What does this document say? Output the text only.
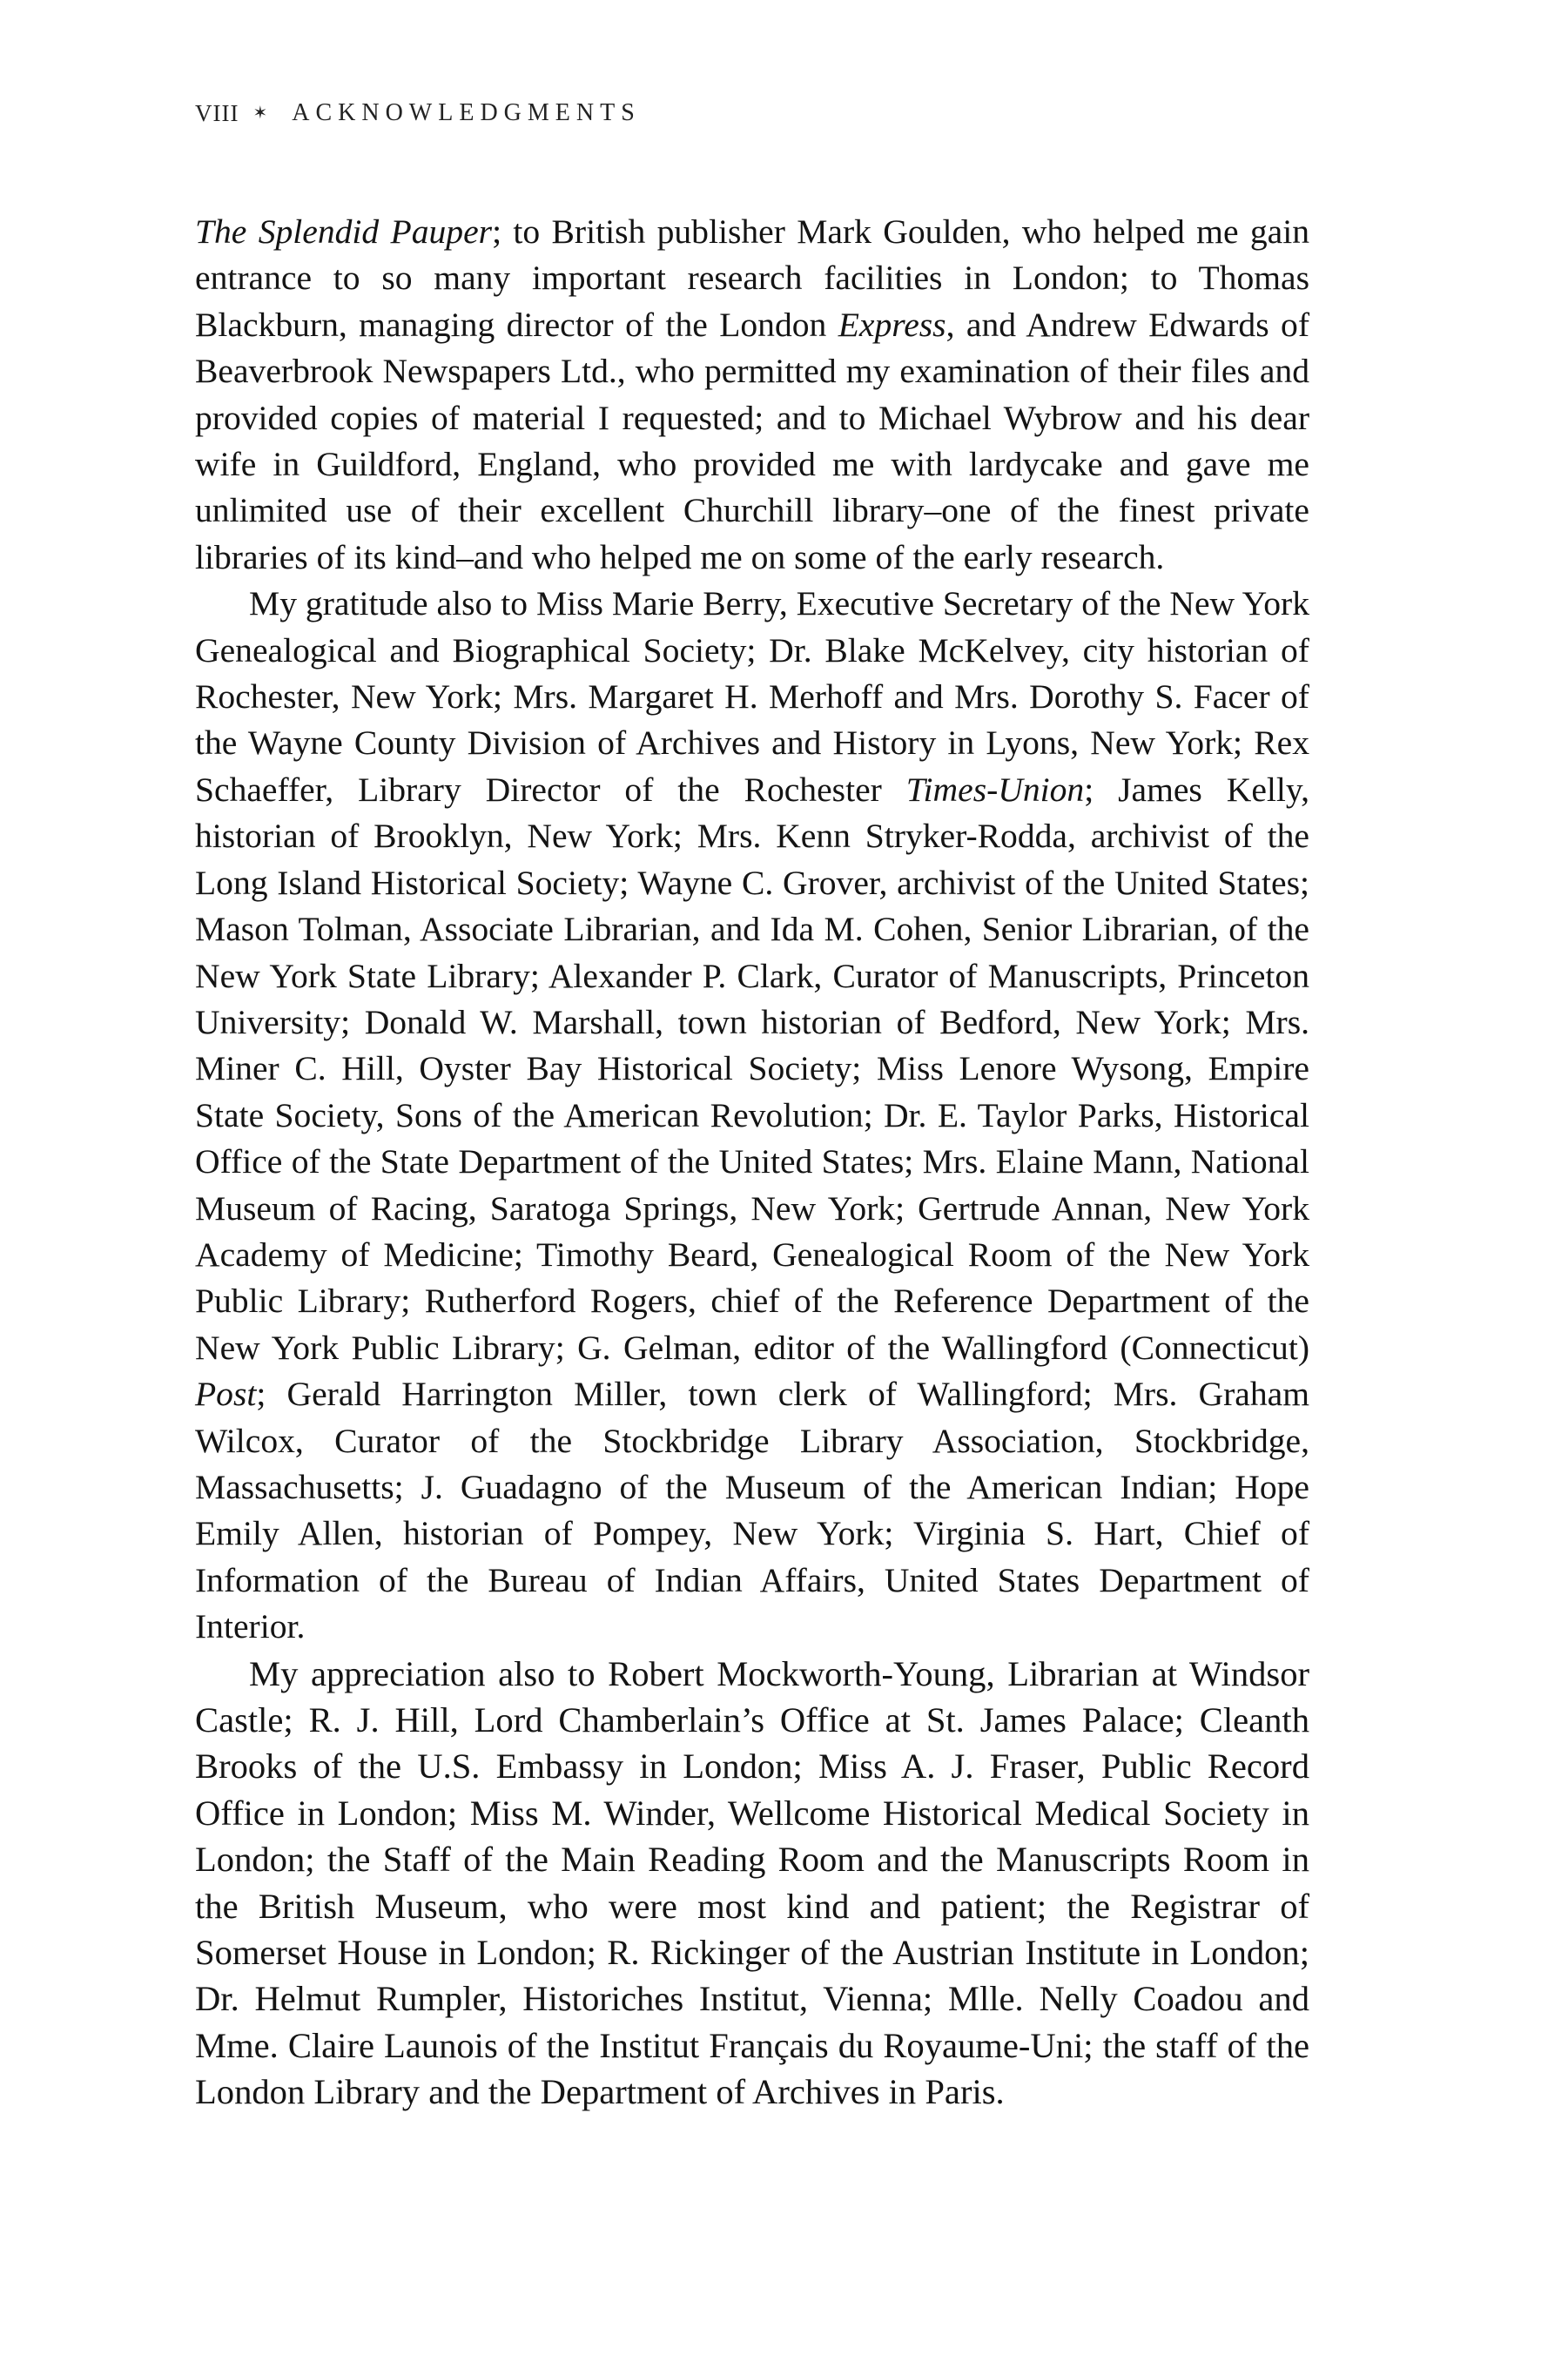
VIII ✶ ACKNOWLEDGMENTS

The Splendid Pauper; to British publisher Mark Goulden, who helped me gain entrance to so many important research facilities in London; to Thomas Blackburn, managing director of the London Express, and Andrew Edwards of Beaverbrook Newspapers Ltd., who permitted my examination of their files and provided copies of material I requested; and to Michael Wybrow and his dear wife in Guildford, England, who provided me with lardycake and gave me unlimited use of their excellent Churchill library–one of the finest private libraries of its kind–and who helped me on some of the early research.

My gratitude also to Miss Marie Berry, Executive Secretary of the New York Genealogical and Biographical Society; Dr. Blake McKelvey, city historian of Rochester, New York; Mrs. Margaret H. Merhoff and Mrs. Dorothy S. Facer of the Wayne County Division of Archives and History in Lyons, New York; Rex Schaeffer, Library Director of the Rochester Times-Union; James Kelly, historian of Brooklyn, New York; Mrs. Kenn Stryker-Rodda, archivist of the Long Island Historical Society; Wayne C. Grover, archivist of the United States; Mason Tolman, Associate Librarian, and Ida M. Cohen, Senior Librarian, of the New York State Library; Alexander P. Clark, Curator of Manuscripts, Princeton University; Donald W. Marshall, town historian of Bedford, New York; Mrs. Miner C. Hill, Oyster Bay Historical Society; Miss Lenore Wysong, Empire State Society, Sons of the American Revolution; Dr. E. Taylor Parks, Historical Office of the State Department of the United States; Mrs. Elaine Mann, National Museum of Racing, Saratoga Springs, New York; Gertrude Annan, New York Academy of Medicine; Timothy Beard, Genealogical Room of the New York Public Library; Rutherford Rogers, chief of the Reference Department of the New York Public Library; G. Gelman, editor of the Wallingford (Connecticut) Post; Gerald Harrington Miller, town clerk of Wallingford; Mrs. Graham Wilcox, Curator of the Stockbridge Library Association, Stockbridge, Massachusetts; J. Guadagno of the Museum of the American Indian; Hope Emily Allen, historian of Pompey, New York; Virginia S. Hart, Chief of Information of the Bureau of Indian Affairs, United States Department of Interior.

My appreciation also to Robert Mockworth-Young, Librarian at Windsor Castle; R. J. Hill, Lord Chamberlain’s Office at St. James Palace; Cleanth Brooks of the U.S. Embassy in London; Miss A. J. Fraser, Public Record Office in London; Miss M. Winder, Wellcome Historical Medical Society in London; the Staff of the Main Reading Room and the Manuscripts Room in the British Museum, who were most kind and patient; the Registrar of Somerset House in London; R. Rickinger of the Austrian Institute in London; Dr. Helmut Rumpler, Historiches Institut, Vienna; Mlle. Nelly Coadou and Mme. Claire Launois of the Institut Français du Royaume-Uni; the staff of the London Library and the Department of Archives in Paris.
